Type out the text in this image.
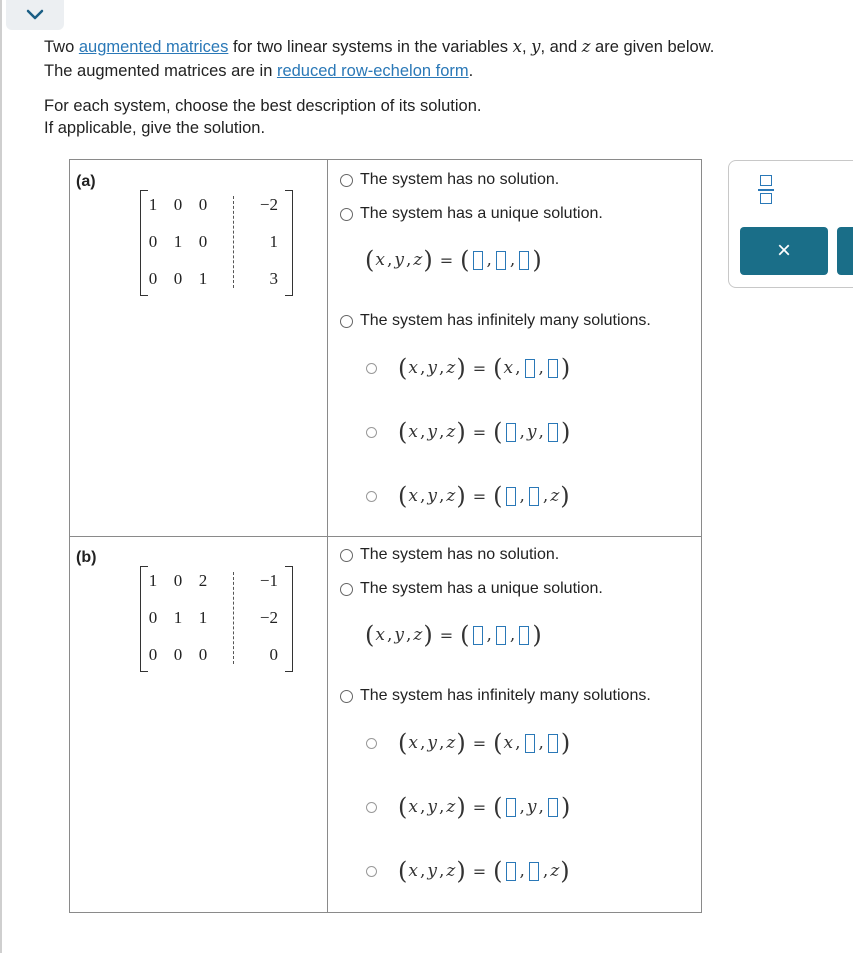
Two augmented matrices for two linear systems in the variables x, y, and z are given below.
The augmented matrices are in reduced row-echelon form.
For each system, choose the best description of its solution.
If applicable, give the solution.
(a)
1 0 0	−2
0 1 0	1
0 0 1	3
The system has no solution.
The system has a unique solution.
( x , y , z ) = ( , , )
The system has infinitely many solutions.
( x , y , z ) = ( x , , )
( x , y , z ) = ( , y , )
( x , y , z ) = ( , , z )
(b)
1 0 2	−1
0 1 1	−2
0 0 0	0
The system has no solution.
The system has a unique solution.
( x , y , z ) = ( , , )
The system has infinitely many solutions.
( x , y , z ) = ( x , , )
( x , y , z ) = ( , y , )
( x , y , z ) = ( , , z )
×
